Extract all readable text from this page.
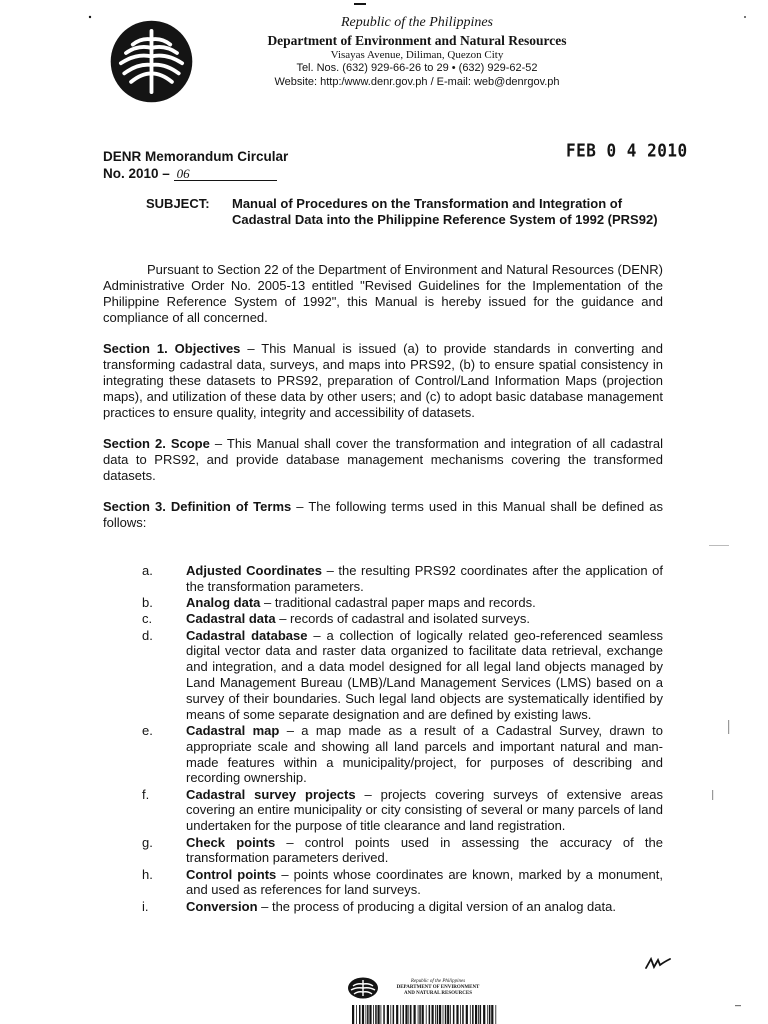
Republic of the Philippines
Department of Environment and Natural Resources
Visayas Avenue, Diliman, Quezon City
Tel. Nos. (632) 929-66-26 to 29 • (632) 929-62-52
Website: http:/www.denr.gov.ph / E-mail: web@denrgov.ph
DENR Memorandum Circular
No. 2010 – 06
FEB 0 4 2010
SUBJECT: Manual of Procedures on the Transformation and Integration of Cadastral Data into the Philippine Reference System of 1992 (PRS92)

Pursuant to Section 22 of the Department of Environment and Natural Resources (DENR) Administrative Order No. 2005-13 entitled "Revised Guidelines for the Implementation of the Philippine Reference System of 1992", this Manual is hereby issued for the guidance and compliance of all concerned.

Section 1. Objectives – This Manual is issued (a) to provide standards in converting and transforming cadastral data, surveys, and maps into PRS92, (b) to ensure spatial consistency in integrating these datasets to PRS92, preparation of Control/Land Information Maps (projection maps), and utilization of these data by other users; and (c) to adopt basic database management practices to ensure quality, integrity and accessibility of datasets.

Section 2. Scope – This Manual shall cover the transformation and integration of all cadastral data to PRS92, and provide database management mechanisms covering the transformed datasets.

Section 3. Definition of Terms – The following terms used in this Manual shall be defined as follows:

a.	Adjusted Coordinates – the resulting PRS92 coordinates after the application of the transformation parameters.
b.	Analog data – traditional cadastral paper maps and records.
c.	Cadastral data – records of cadastral and isolated surveys.
d.	Cadastral database – a collection of logically related geo-referenced seamless digital vector data and raster data organized to facilitate data retrieval, exchange and integration, and a data model designed for all legal land objects managed by Land Management Bureau (LMB)/Land Management Services (LMS) based on a survey of their boundaries. Such legal land objects are systematically identified by means of some separate designation and are defined by existing laws.
e.	Cadastral map – a map made as a result of a Cadastral Survey, drawn to appropriate scale and showing all land parcels and important natural and man-made features within a municipality/project, for purposes of describing and recording ownership.
f.	Cadastral survey projects – projects covering surveys of extensive areas covering an entire municipality or city consisting of several or many parcels of land undertaken for the purpose of title clearance and land registration.
g.	Check points – control points used in assessing the accuracy of the transformation parameters derived.
h.	Control points – points whose coordinates are known, marked by a monument, and used as references for land surveys.
i.	Conversion – the process of producing a digital version of an analog data.
Republic of the Philippines
DEPARTMENT OF ENVIRONMENT
AND NATURAL RESOURCES
